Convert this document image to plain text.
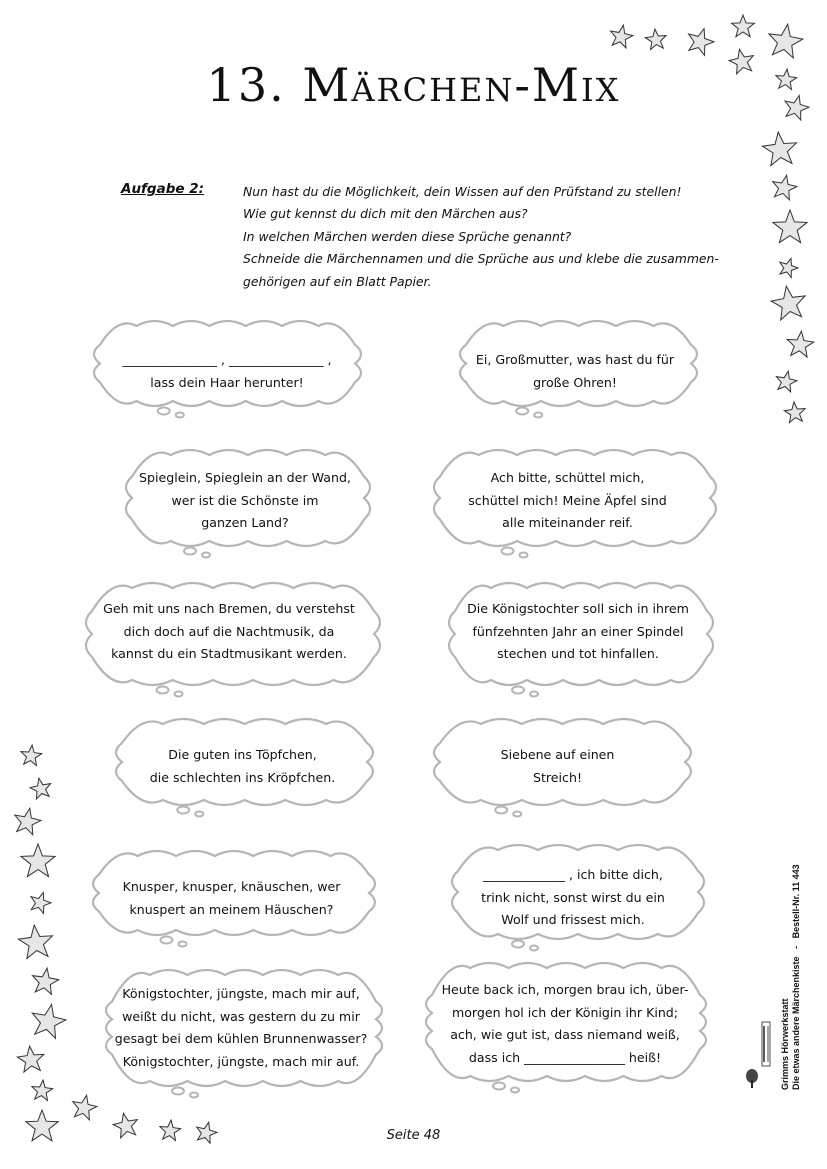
13. Märchen-Mix
Aufgabe 2:	Nun hast du die Möglichkeit, dein Wissen auf den Prüfstand zu stellen!
Wie gut kennst du dich mit den Märchen aus?
In welchen Märchen werden diese Sprüche genannt?
Schneide die Märchennamen und die Sprüche aus und klebe die zusammen-
gehörigen auf ein Blatt Papier.
_______________ , _______________ ,
lass dein Haar herunter!
Ei, Großmutter, was hast du für
große Ohren!
Spieglein, Spieglein an der Wand,
wer ist die Schönste im
ganzen Land?
Ach bitte, schüttel mich,
schüttel mich! Meine Äpfel sind
alle miteinander reif.
Geh mit uns nach Bremen, du verstehst
dich doch auf die Nachtmusik, da
kannst du ein Stadtmusikant werden.
Die Königstochter soll sich in ihrem
fünfzehnten Jahr an einer Spindel
stechen und tot hinfallen.
Die guten ins Töpfchen,
die schlechten ins Kröpfchen.
Siebene auf einen
Streich!
Knusper, knusper, knäuschen, wer
knuspert an meinem Häuschen?
_____________ , ich bitte dich,
trink nicht, sonst wirst du ein
Wolf und frissest mich.
Königstochter, jüngste, mach mir auf,
weißt du nicht, was gestern du zu mir
gesagt bei dem kühlen Brunnenwasser?
Königstochter, jüngste, mach mir auf.
Heute back ich, morgen brau ich, über-
morgen hol ich der Königin ihr Kind;
ach, wie gut ist, dass niemand weiß,
dass ich ________________ heiß!
Seite 48
Grimms Hörwerkstatt Die etwas andere Märchenkiste   -   Bestell-Nr. 11 443
